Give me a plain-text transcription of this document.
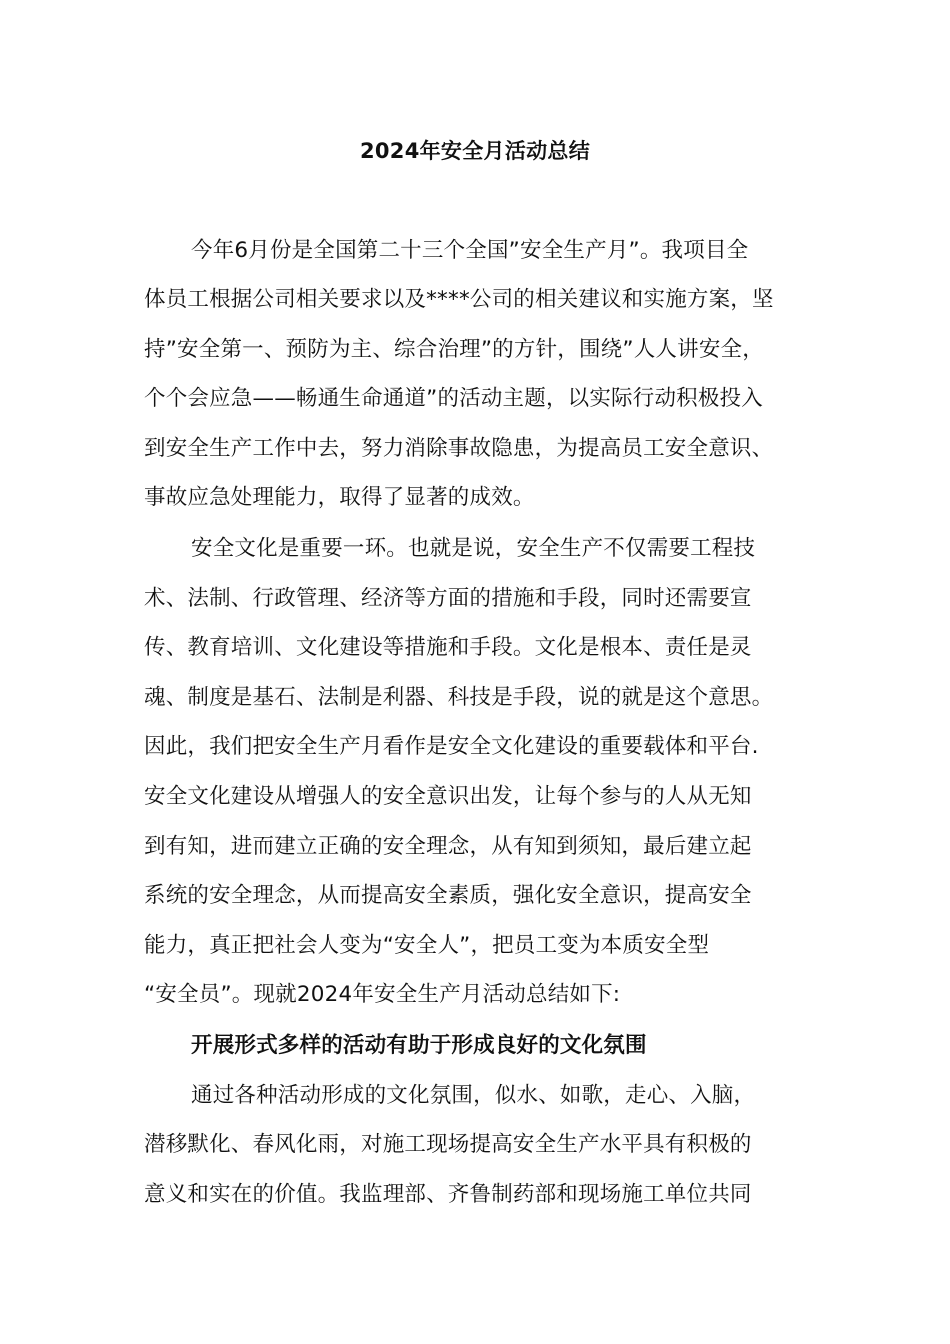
2024年安全月活动总结
今年6月份是全国第二十三个全国”安全生产月”。我项目全
体员工根据公司相关要求以及****公司的相关建议和实施方案，坚
持”安全第一、预防为主、综合治理”的方针，围绕”人人讲安全，
个个会应急——畅通生命通道”的活动主题，以实际行动积极投入
到安全生产工作中去，努力消除事故隐患，为提高员工安全意识、
事故应急处理能力，取得了显著的成效。
安全文化是重要一环。也就是说，安全生产不仅需要工程技
术、法制、行政管理、经济等方面的措施和手段，同时还需要宣
传、教育培训、文化建设等措施和手段。文化是根本、责任是灵
魂、制度是基石、法制是利器、科技是手段，说的就是这个意思。
因此，我们把安全生产月看作是安全文化建设的重要载体和平台.
安全文化建设从增强人的安全意识出发，让每个参与的人从无知
到有知，进而建立正确的安全理念，从有知到须知，最后建立起
系统的安全理念，从而提高安全素质，强化安全意识，提高安全
能力，真正把社会人变为“安全人”，把员工变为本质安全型
“安全员”。现就2024年安全生产月活动总结如下:
开展形式多样的活动有助于形成良好的文化氛围
通过各种活动形成的文化氛围，似水、如歌，走心、入脑，
潜移默化、春风化雨，对施工现场提高安全生产水平具有积极的
意义和实在的价值。我监理部、齐鲁制药部和现场施工单位共同
